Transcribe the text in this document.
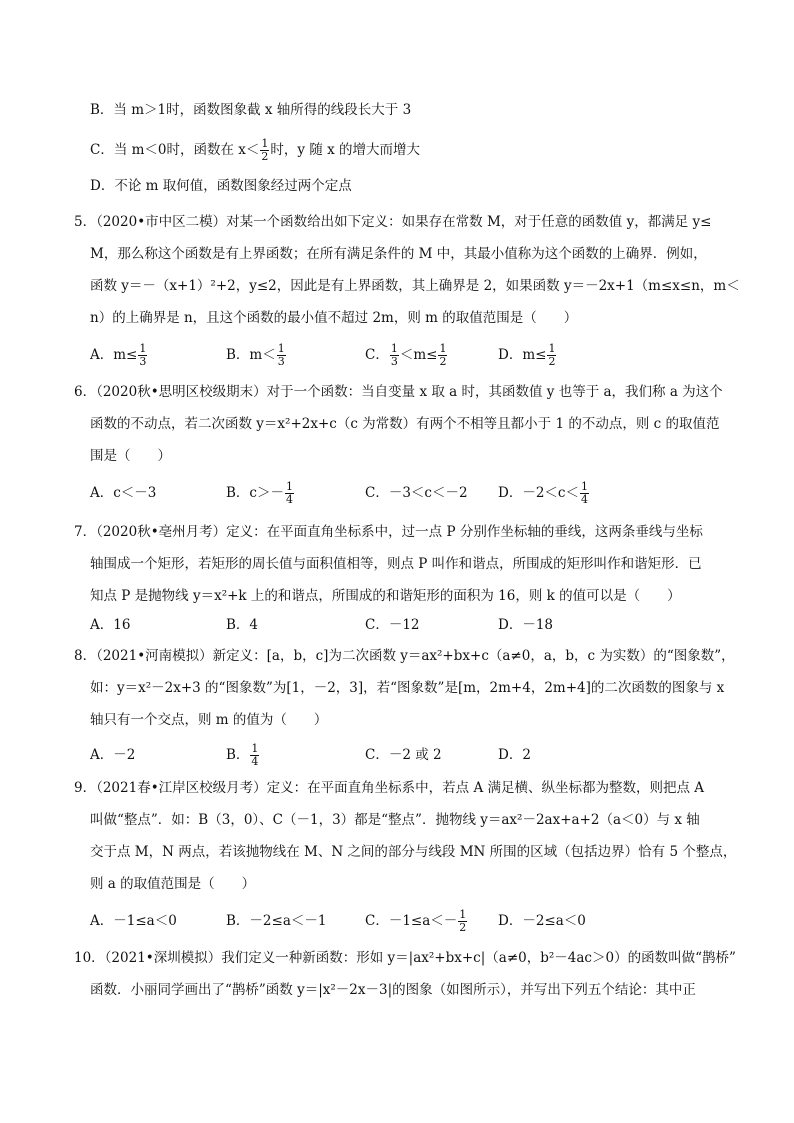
B．当 m＞1时，函数图象截 x 轴所得的线段长大于 3
C．当 m＜0时，函数在 $x< \frac{1}{2}$ 时，y 随 x 的增大而增大
D．不论 m 取何值，函数图象经过两个定点
5．（2020•市中区二模）对某一个函数给出如下定义：如果存在常数 M，对于任意的函数值 y，都满足 y≤
M，那么称这个函数是有上界函数；在所有满足条件的 M 中，其最小值称为这个函数的上确界．例如，
函数 y＝－（x+1）²+2，y≤2，因此是有上界函数，其上确界是 2，如果函数 y＝－2x+1（m≤x≤n，m＜
n）的上确界是 n，且这个函数的最小值不超过 2m，则 m 的取值范围是（　　）
A．$m\le \frac{1}{3}$	B．$m< \frac{1}{3}$	C． $\frac{1}{3} <m\le \frac{1}{2}$	D．$m\le \frac{1}{2}$
6．（2020秋•思明区校级期末）对于一个函数：当自变量 x 取 a 时，其函数值 y 也等于 a，我们称 a 为这个
函数的不动点，若二次函数 y＝x²+2x+c（c 为常数）有两个不相等且都小于 1 的不动点，则 c 的取值范
围是（　　）
A．c＜－3	B．$c>- \frac{1}{4}$	C．－3＜c＜－2 D．$-2<c< \frac{1}{4}$
7．（2020秋•亳州月考）定义：在平面直角坐标系中，过一点 P 分别作坐标轴的垂线，这两条垂线与坐标
轴围成一个矩形，若矩形的周长值与面积值相等，则点 P 叫作和谐点，所围成的矩形叫作和谐矩形．已
知点 P 是抛物线 y＝x²+k 上的和谐点，所围成的和谐矩形的面积为 16，则 k 的值可以是（　　）
A．16	B．4	C．－12	D．－18
8．（2021•河南模拟）新定义：[a，b，c]为二次函数 y＝ax²+bx+c（a≠0，a，b，c 为实数）的“图象数”，
如：y＝x²－2x+3 的“图象数”为[1，－2，3]，若“图象数”是[m，2m+4，2m+4]的二次函数的图象与 x
轴只有一个交点，则 m 的值为（　　）
A．－2	B． $\frac{1}{4}$	C．－2 或 2	D．2
9．（2021春•江岸区校级月考）定义：在平面直角坐标系中，若点 A 满足横、纵坐标都为整数，则把点 A
叫做“整点”．如：B（3，0）、C（－1，3）都是“整点”．抛物线 y＝ax²－2ax+a+2（a＜0）与 x 轴
交于点 M，N 两点，若该抛物线在 M、N 之间的部分与线段 MN 所围的区域（包括边界）恰有 5 个整点，
则 a 的取值范围是（　　）
A．－1≤a＜0	B．－2≤a＜－1	C．$-1\le a<- \frac{1}{2}$ D．－2≤a＜0
10．（2021•深圳模拟）我们定义一种新函数：形如 y＝|ax²+bx+c|（a≠0，b²－4ac＞0）的函数叫做“鹊桥”
函数．小丽同学画出了“鹊桥”函数 y＝|x²－2x－3|的图象（如图所示），并写出下列五个结论：其中正
